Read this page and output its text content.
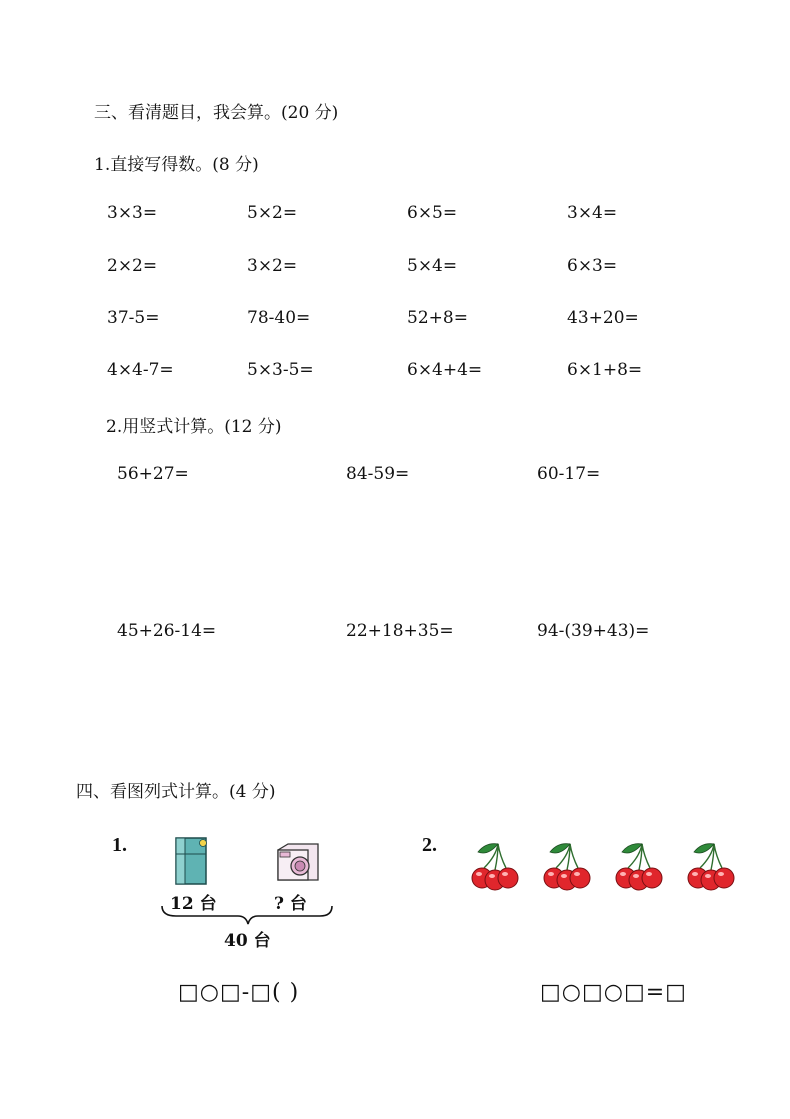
三、看清题目，我会算。(20 分)
1.直接写得数。(8 分)
3×3=	5×2=	6×5=	3×4=
2×2=	3×2=	5×4=	6×3=
37-5=	78-40=	52+8=	43+20=
4×4-7=	5×3-5=	6×4+4=	6×1+8=
2.用竖式计算。(12 分)
56+27=	84-59=	60-17=
45+26-14=	22+18+35=	94-(39+43)=
四、看图列式计算。(4 分)
1.
12 台	? 台
40 台
□○□-□( )
2.
□○□○□=□
